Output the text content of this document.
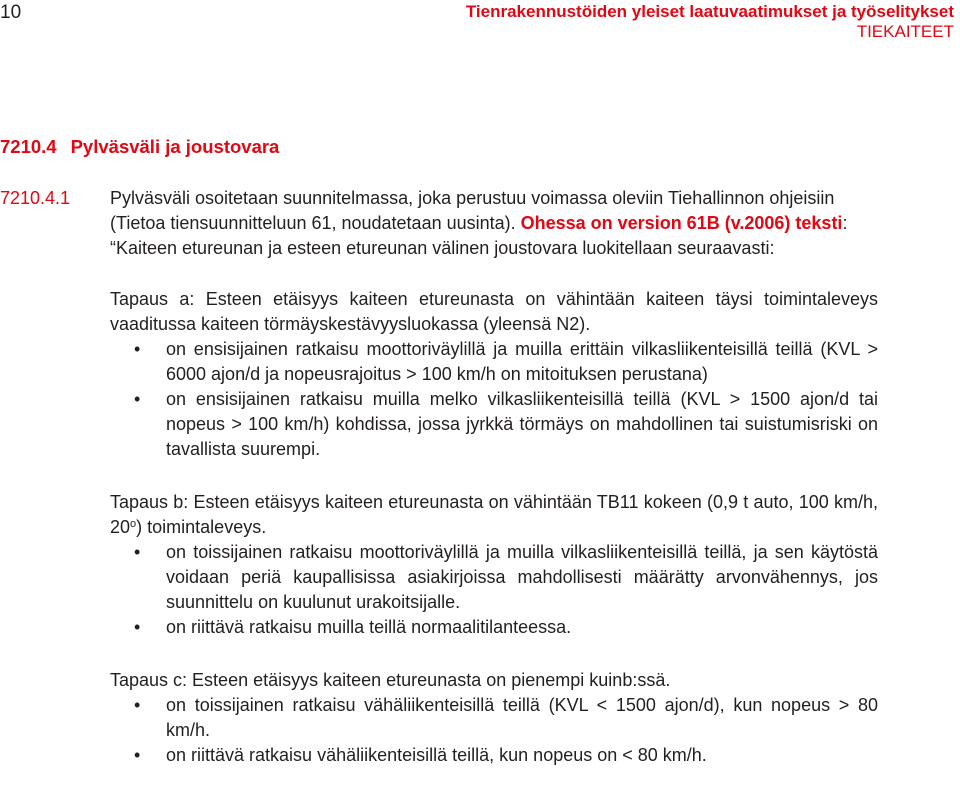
10	Tienrakennustöiden yleiset laatuvaatimukset ja työselitykset
TIEKAITEET
7210.4 Pylväsväli ja joustovara
7210.4.1 Pylväsväli osoitetaan suunnitelmassa, joka perustuu voimassa oleviin Tiehallinnon ohjeisiin (Tietoa tiensuunnitteluun 61, noudatetaan uusinta). Ohessa on version 61B (v.2006) teksti: “Kaiteen etureunan ja esteen etureunan välinen joustovara luokitellaan seuraavasti:

Tapaus a: Esteen etäisyys kaiteen etureunasta on vähintään kaiteen täysi toimintaleveys vaaditussa kaiteen törmäyskestävyysluokassa (yleensä N2).

• on ensisijainen ratkaisu moottoriväylillä ja muilla erittäin vilkasliikenteisillä teillä (KVL > 6000 ajon/d ja nopeusrajoitus > 100 km/h on mitoituksen perustana)
• on ensisijainen ratkaisu muilla melko vilkasliikenteisillä teillä (KVL > 1500 ajon/d tai nopeus > 100 km/h) kohdissa, jossa jyrkkä törmäys on mahdollinen tai suistumisriski on tavallista suurempi.

Tapaus b: Esteen etäisyys kaiteen etureunasta on vähintään TB11 kokeen (0,9 t auto, 100 km/h, 20$^o$) toimintaleveys.

• on toissijainen ratkaisu moottoriväylillä ja muilla vilkasliikenteisillä teillä, ja sen käytöstä voidaan periä kaupallisissa asiakirjoissa mahdollisesti määrätty arvonvähennys, jos suunnittelu on kuulunut urakoitsijalle.
• on riittävä ratkaisu muilla teillä normaalitilanteessa.

Tapaus c: Esteen etäisyys kaiteen etureunasta on pienempi kuinb:ssä.

• on toissijainen ratkaisu vähäliikenteisillä teillä (KVL < 1500 ajon/d), kun nopeus > 80 km/h.
• on riittävä ratkaisu vähäliikenteisillä teillä, kun nopeus on < 80 km/h.
